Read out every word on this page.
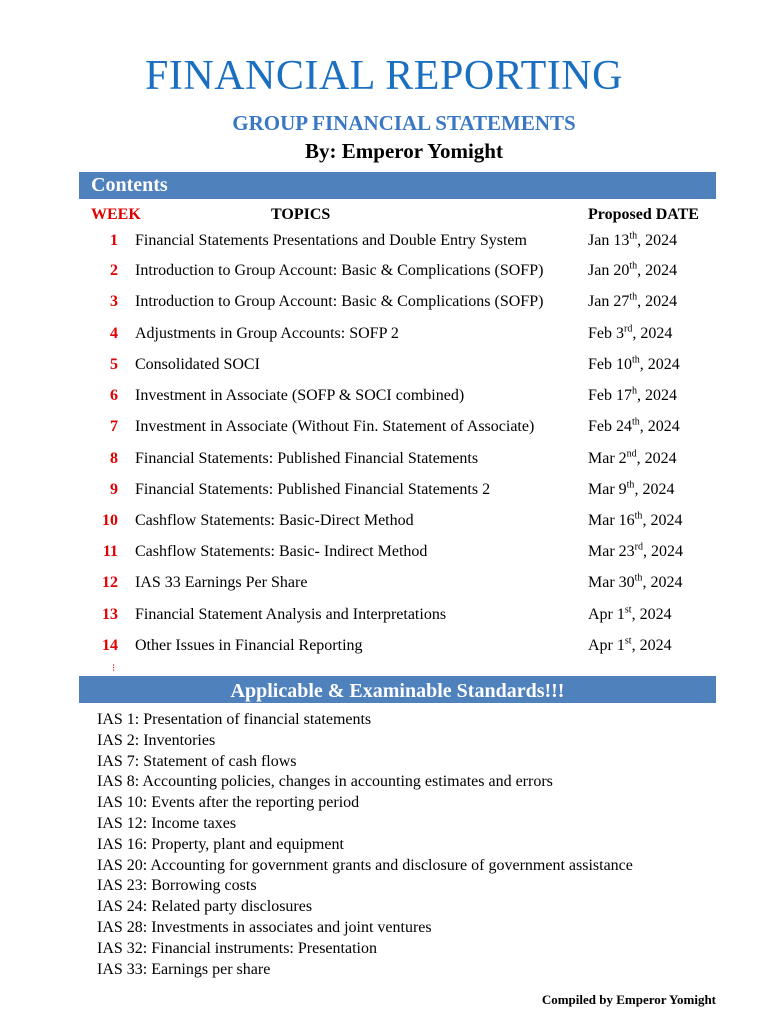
FINANCIAL REPORTING
GROUP FINANCIAL STATEMENTS
By: Emperor Yomight
Contents
WEEK	TOPICS	Proposed DATE
1 Financial Statements Presentations and Double Entry System	Jan 13th, 2024
2 Introduction to Group Account: Basic & Complications (SOFP)	Jan 20th, 2024
3 Introduction to Group Account: Basic & Complications (SOFP)	Jan 27th, 2024
4 Adjustments in Group Accounts: SOFP 2	Feb 3rd, 2024
5 Consolidated SOCI	Feb 10th, 2024
6 Investment in Associate (SOFP & SOCI combined)	Feb 17$^h$, 2024
7 Investment in Associate (Without Fin. Statement of Associate)	Feb 24th, 2024
8 Financial Statements: Published Financial Statements	Mar 2nd, 2024
9 Financial Statements: Published Financial Statements 2	Mar 9th, 2024
10 Cashflow Statements: Basic-Direct Method	Mar 16th, 2024
11 Cashflow Statements: Basic- Indirect Method	Mar 23rd, 2024
12 IAS 33 Earnings Per Share	Mar 30th, 2024
13 Financial Statement Analysis and Interpretations	Apr 1st, 2024
14 Other Issues in Financial Reporting	Apr 1st, 2024
⁝
Applicable & Examinable Standards!!!
IAS 1: Presentation of financial statements
IAS 2: Inventories
IAS 7: Statement of cash flows
IAS 8: Accounting policies, changes in accounting estimates and errors
IAS 10: Events after the reporting period
IAS 12: Income taxes
IAS 16: Property, plant and equipment
IAS 20: Accounting for government grants and disclosure of government assistance
IAS 23: Borrowing costs
IAS 24: Related party disclosures
IAS 28: Investments in associates and joint ventures
IAS 32: Financial instruments: Presentation
IAS 33: Earnings per share
Compiled by Emperor Yomight
